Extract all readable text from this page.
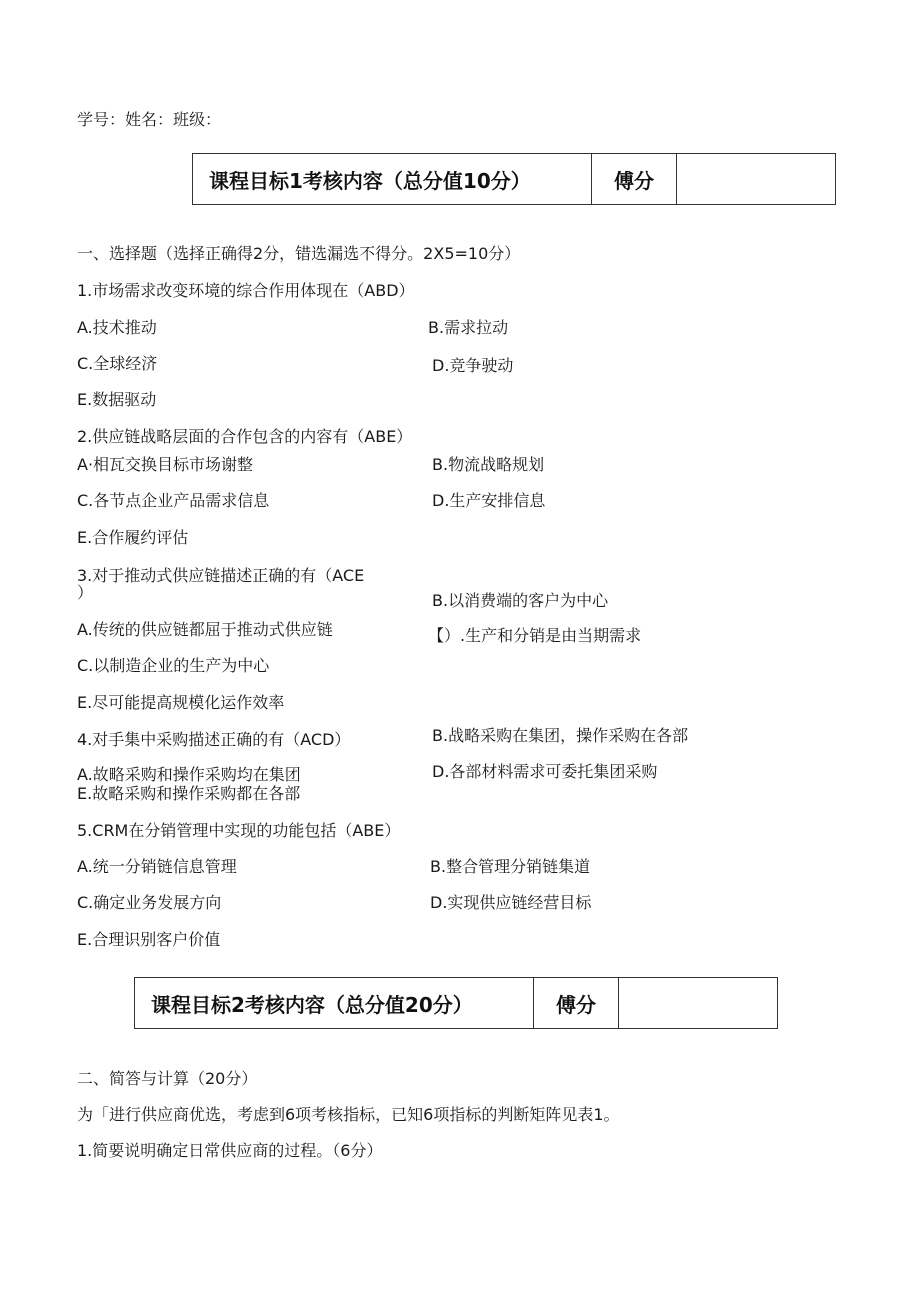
学号：姓名：班级：
课程目标1考核内容（总分值10分）	傅分
一、选择题（选择正确得2分，错选漏选不得分。2X5=10分）
1.市场需求改变环境的综合作用体现在（ABD）
A.技术推动	B.需求拉动
C.全球经济	D.竞争驶动
E.数据驱动
2.供应链战略层面的合作包含的内容有（ABE）
A·相瓦交换目标市场谢整	B.物流战略规划
C.各节点企业产品需求信息	D.生产安排信息
E.合作履约评估
3.对于推动式供应链描述正确的有（ACE
）	B.以消费端的客户为中心
A.传统的供应链都屈于推动式供应链	【）.生产和分销是由当期需求
C.以制造企业的生产为中心
E.尽可能提高规模化运作效率
B.战略采购在集团，操作采购在各部
4.对手集中采购描述正确的有（ACD）
D.各部材料需求可委托集团采购
A.故略采购和操作采购均在集团
E.故略采购和操作采购都在各部
5.CRM在分销管理中实现的功能包括（ABE）
A.统一分销链信息管理	B.整合管理分销链集道
C.确定业务发展方向	D.实现供应链经营目标
E.合理识别客户价值
课程目标2考核内容（总分值20分）	傅分
二、简答与计算（20分）
为「进行供应商优选，考虑到6项考核指标，已知6项指标的判断矩阵见表1。
1.简要说明确定日常供应商的过程。（6分）
